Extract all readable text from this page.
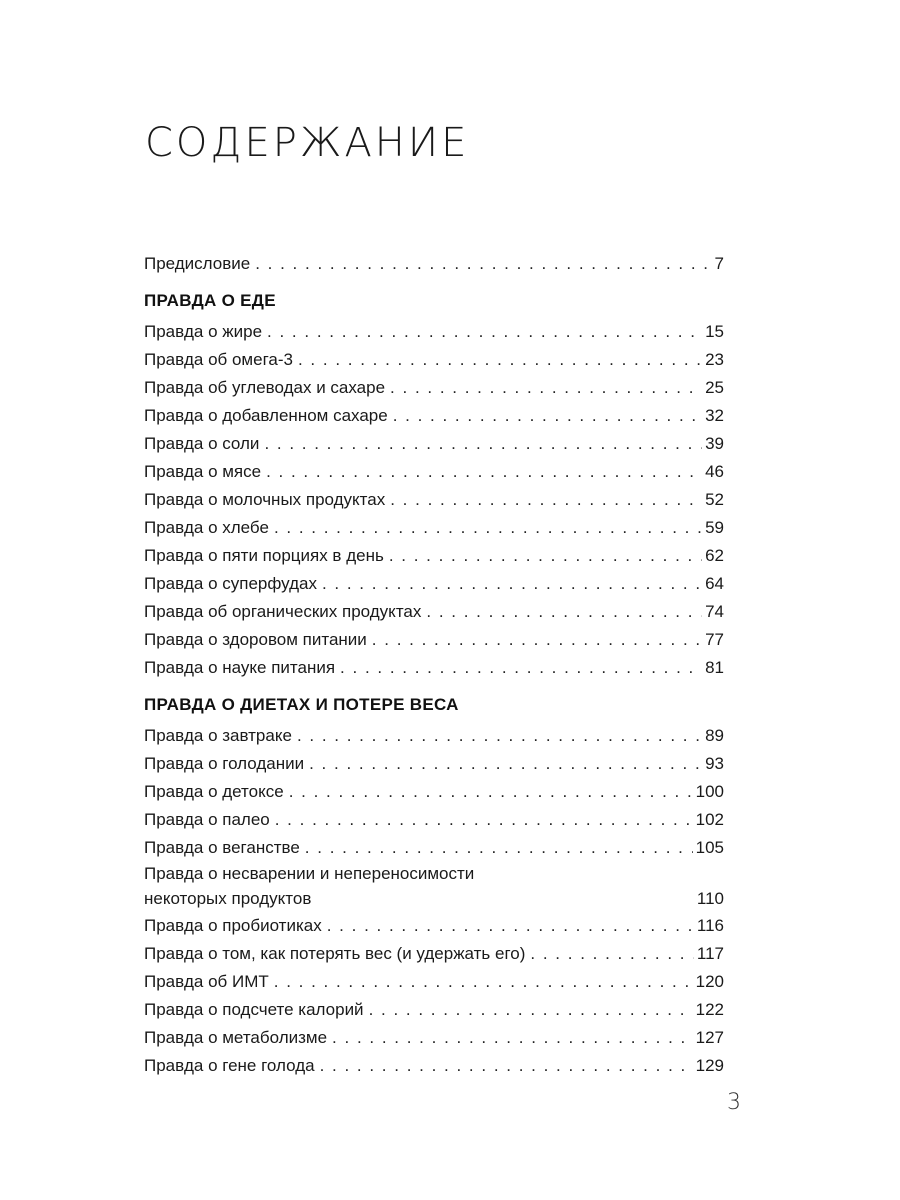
СОДЕРЖАНИЕ
Предисловие . . .	7
ПРАВДА О ЕДЕ
Правда о жире . . .	15
Правда об омега-3 . . .	23
Правда об углеводах и сахаре . . .	25
Правда о добавленном сахаре . . .	32
Правда о соли . . .	39
Правда о мясе . . .	46
Правда о молочных продуктах . . .	52
Правда о хлебе . . .	59
Правда о пяти порциях в день . . .	62
Правда о суперфудах . . .	64
Правда об органических продуктах . . .	74
Правда о здоровом питании . . .	77
Правда о науке питания . . .	81
ПРАВДА О ДИЕТАХ И ПОТЕРЕ ВЕСА
Правда о завтраке . . .	89
Правда о голодании . . .	93
Правда о детоксе . . .	100
Правда о палео . . .	102
Правда о веганстве . . .	105
Правда о несварении и непереносимости
некоторых продуктов	110
Правда о пробиотиках . . .	116
Правда о том, как потерять вес (и удержать его) . . .	117
Правда об ИМТ . . .	120
Правда о подсчете калорий . . .	122
Правда о метаболизме . . .	127
Правда о гене голода . . .	129
3
